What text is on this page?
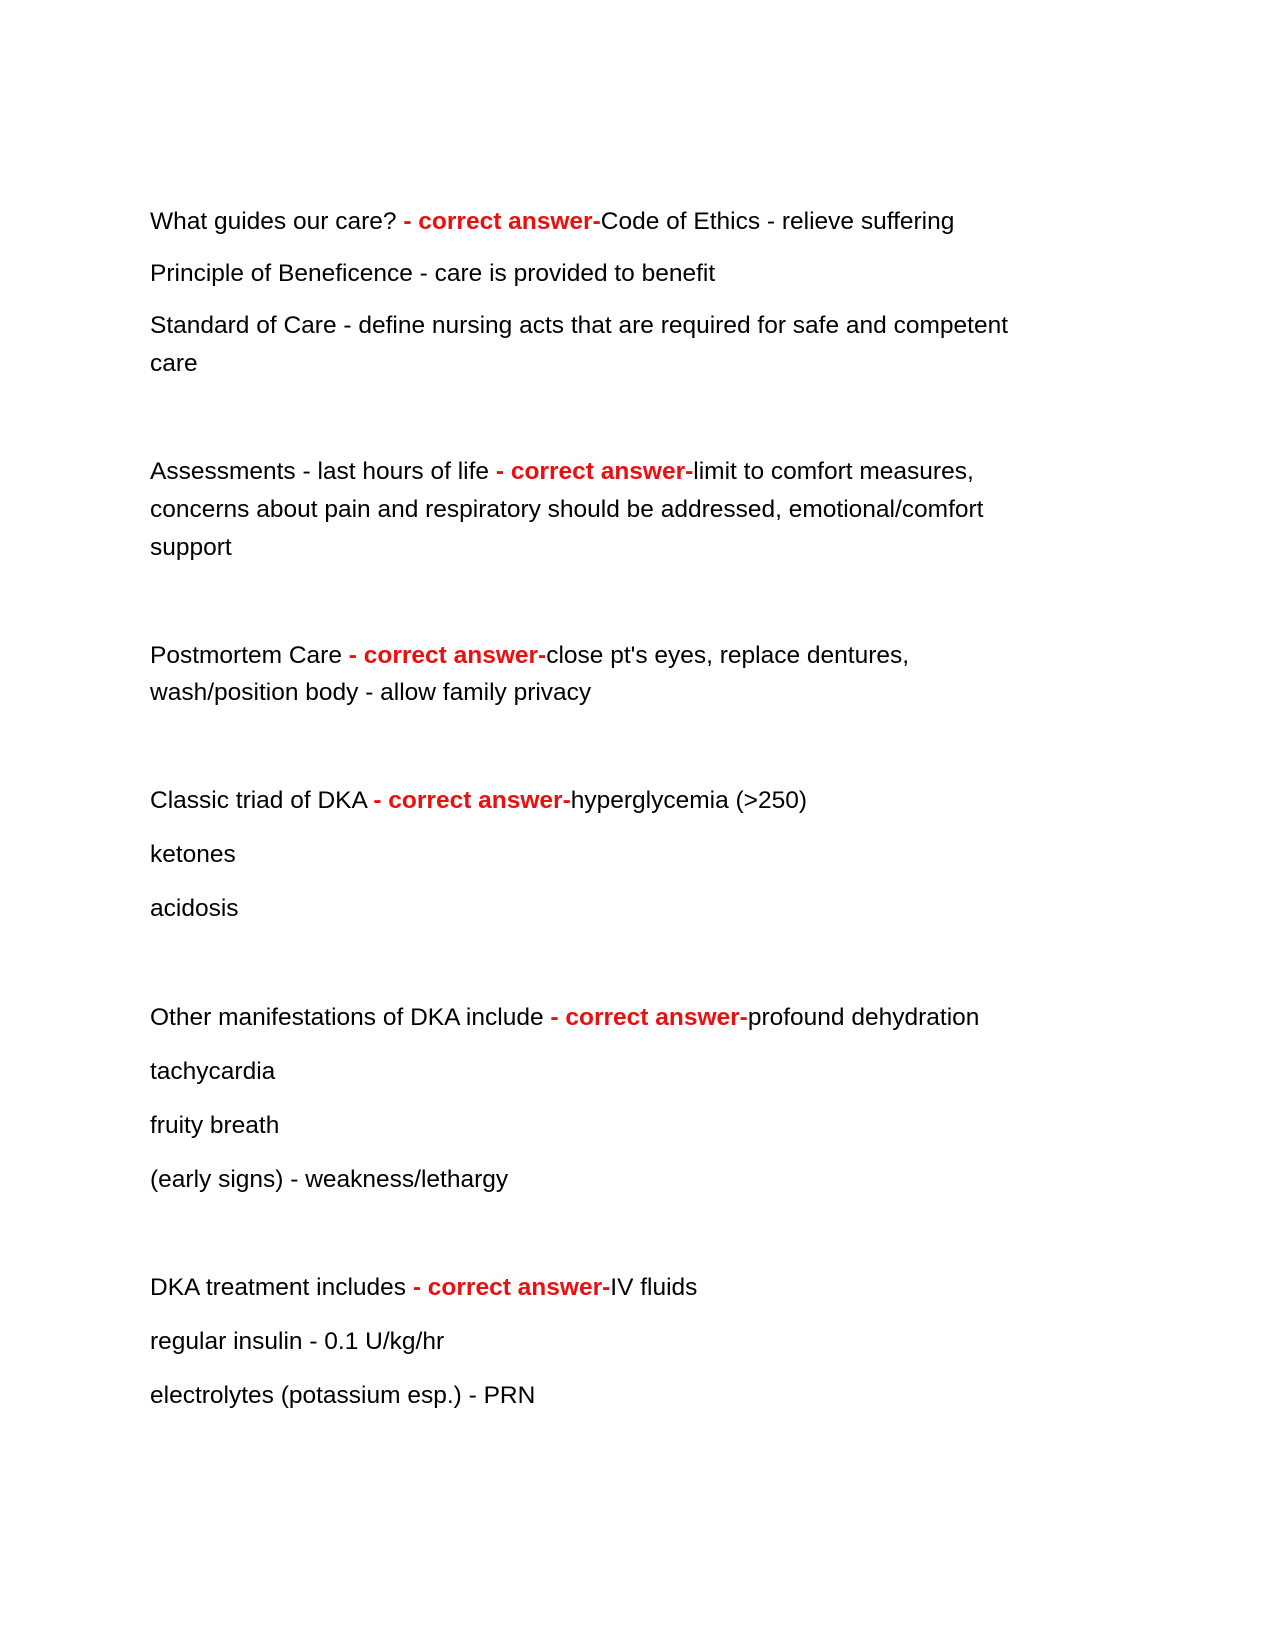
What guides our care? - correct answer-Code of Ethics - relieve suffering
Principle of Beneficence - care is provided to benefit
Standard of Care - define nursing acts that are required for safe and competent
care
Assessments - last hours of life - correct answer-limit to comfort measures,
concerns about pain and respiratory should be addressed, emotional/comfort
support
Postmortem Care - correct answer-close pt's eyes, replace dentures,
wash/position body - allow family privacy
Classic triad of DKA - correct answer-hyperglycemia (>250)
ketones
acidosis
Other manifestations of DKA include - correct answer-profound dehydration
tachycardia
fruity breath
(early signs) - weakness/lethargy
DKA treatment includes - correct answer-IV fluids
regular insulin - 0.1 U/kg/hr
electrolytes (potassium esp.) - PRN
